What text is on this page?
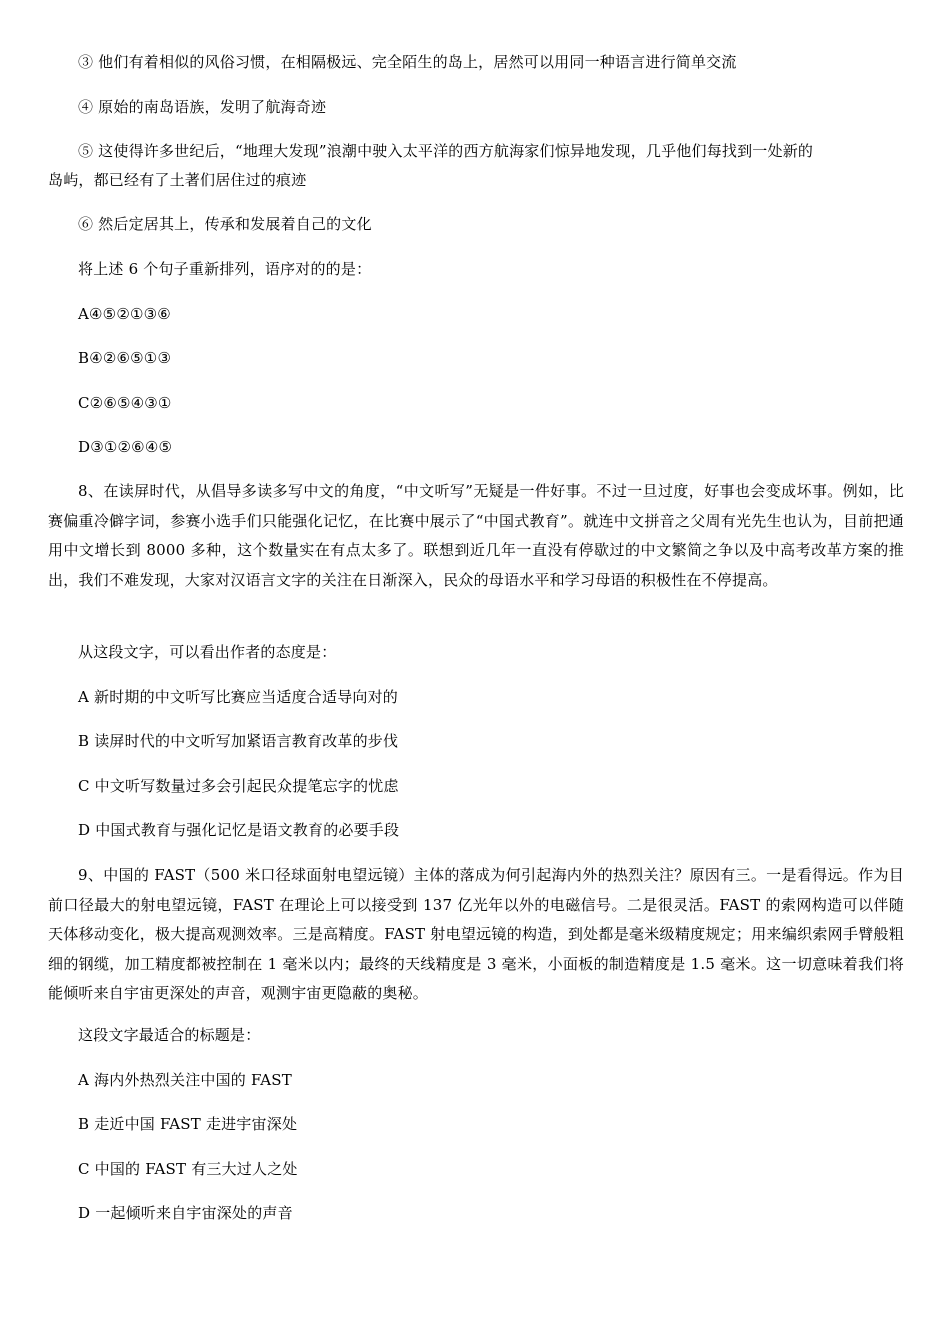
③ 他们有着相似的风俗习惯，在相隔极远、完全陌生的岛上，居然可以用同一种语言进行简单交流
④ 原始的南岛语族，发明了航海奇迹
⑤ 这使得许多世纪后，“地理大发现”浪潮中驶入太平洋的西方航海家们惊异地发现，几乎他们每找到一处新的
岛屿，都已经有了土著们居住过的痕迹
⑥ 然后定居其上，传承和发展着自己的文化
将上述 6 个句子重新排列，语序对的的是：
A④⑤②①③⑥
B④②⑥⑤①③
C②⑥⑤④③①
D③①②⑥④⑤
8、在读屏时代，从倡导多读多写中文的角度，“中文听写”无疑是一件好事。不过一旦过度，好事也会变成坏事。例如，比赛偏重冷僻字词，参赛小选手们只能强化记忆，在比赛中展示了“中国式教育”。就连中文拼音之父周有光先生也认为，目前把通用中文增长到 8000 多种，这个数量实在有点太多了。联想到近几年一直没有停歇过的中文繁简之争以及中高考改革方案的推出，我们不难发现，大家对汉语言文字的关注在日渐深入，民众的母语水平和学习母语的积极性在不停提高。
从这段文字，可以看出作者的态度是：
A 新时期的中文听写比赛应当适度合适导向对的
B 读屏时代的中文听写加紧语言教育改革的步伐
C 中文听写数量过多会引起民众提笔忘字的忧虑
D 中国式教育与强化记忆是语文教育的必要手段
9、中国的 FAST（500 米口径球面射电望远镜）主体的落成为何引起海内外的热烈关注？原因有三。一是看得远。作为目前口径最大的射电望远镜，FAST 在理论上可以接受到 137 亿光年以外的电磁信号。二是很灵活。FAST 的索网构造可以伴随天体移动变化，极大提高观测效率。三是高精度。FAST 射电望远镜的构造，到处都是毫米级精度规定；用来编织索网手臂般粗细的钢缆，加工精度都被控制在 1 毫米以内；最终的天线精度是 3 毫米，小面板的制造精度是 1.5 毫米。这一切意味着我们将能倾听来自宇宙更深处的声音，观测宇宙更隐蔽的奥秘。
这段文字最适合的标题是：
A 海内外热烈关注中国的 FAST
B 走近中国 FAST 走进宇宙深处
C 中国的 FAST 有三大过人之处
D 一起倾听来自宇宙深处的声音
